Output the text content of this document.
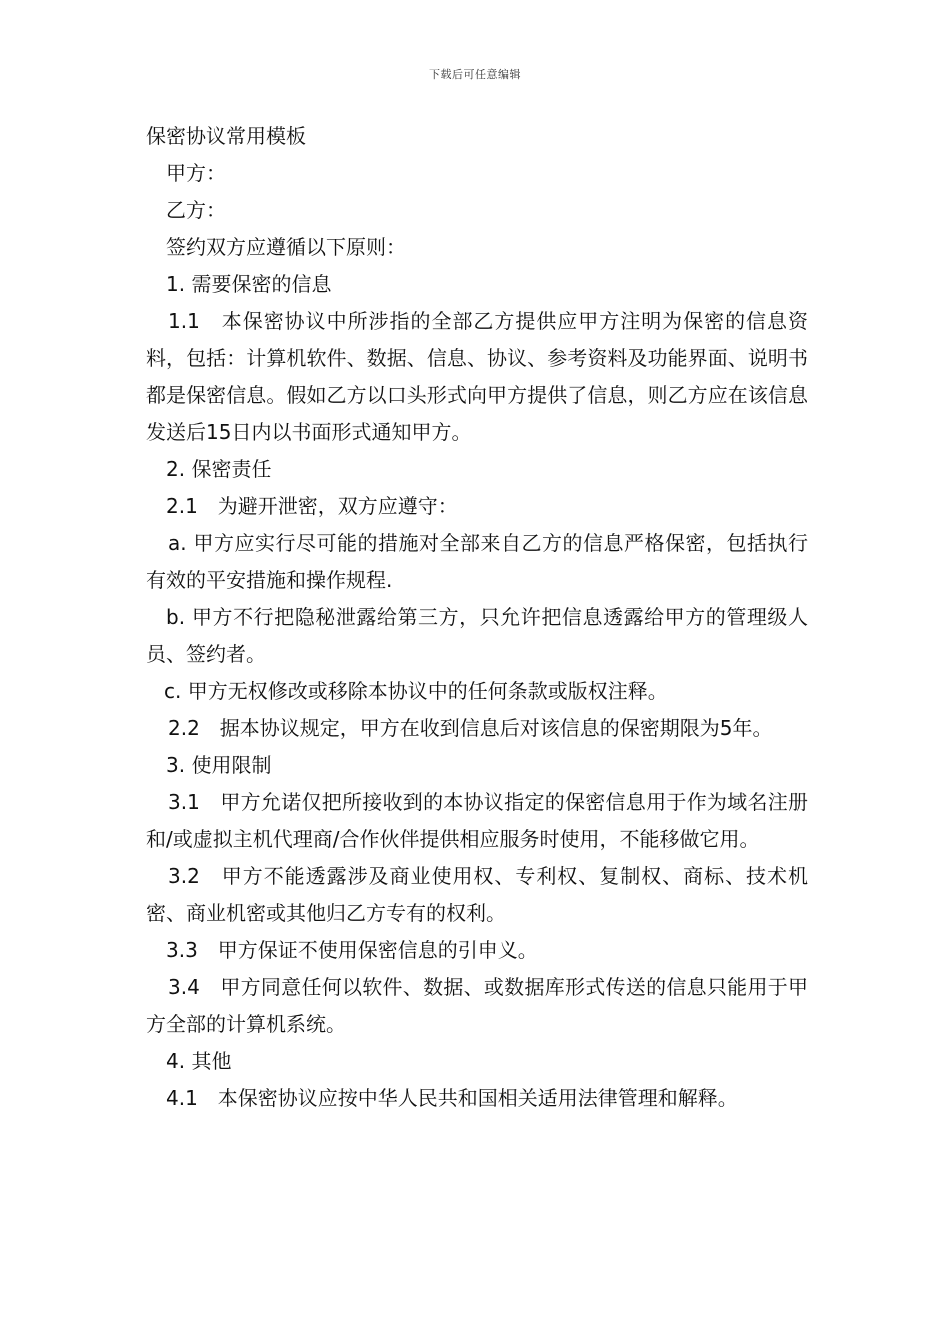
下载后可任意编辑

保密协议常用模板

甲方：

乙方：

签约双方应遵循以下原则：

1. 需要保密的信息

1.1　本保密协议中所涉指的全部乙方提供应甲方注明为保密的信息资料，包括：计算机软件、数据、信息、协议、参考资料及功能界面、说明书都是保密信息。假如乙方以口头形式向甲方提供了信息，则乙方应在该信息发送后15日内以书面形式通知甲方。

2. 保密责任

2.1　为避开泄密，双方应遵守：

a. 甲方应实行尽可能的措施对全部来自乙方的信息严格保密，包括执行有效的平安措施和操作规程.

b. 甲方不行把隐秘泄露给第三方，只允许把信息透露给甲方的管理级人员、签约者。

c. 甲方无权修改或移除本协议中的任何条款或版权注释。

2.2　据本协议规定，甲方在收到信息后对该信息的保密期限为5年。

3. 使用限制

3.1　甲方允诺仅把所接收到的本协议指定的保密信息用于作为域名注册和/或虚拟主机代理商/合作伙伴提供相应服务时使用，不能移做它用。

3.2　甲方不能透露涉及商业使用权、专利权、复制权、商标、技术机密、商业机密或其他归乙方专有的权利。

3.3　甲方保证不使用保密信息的引申义。

3.4　甲方同意任何以软件、数据、或数据库形式传送的信息只能用于甲方全部的计算机系统。

4. 其他

4.1　本保密协议应按中华人民共和国相关适用法律管理和解释。
